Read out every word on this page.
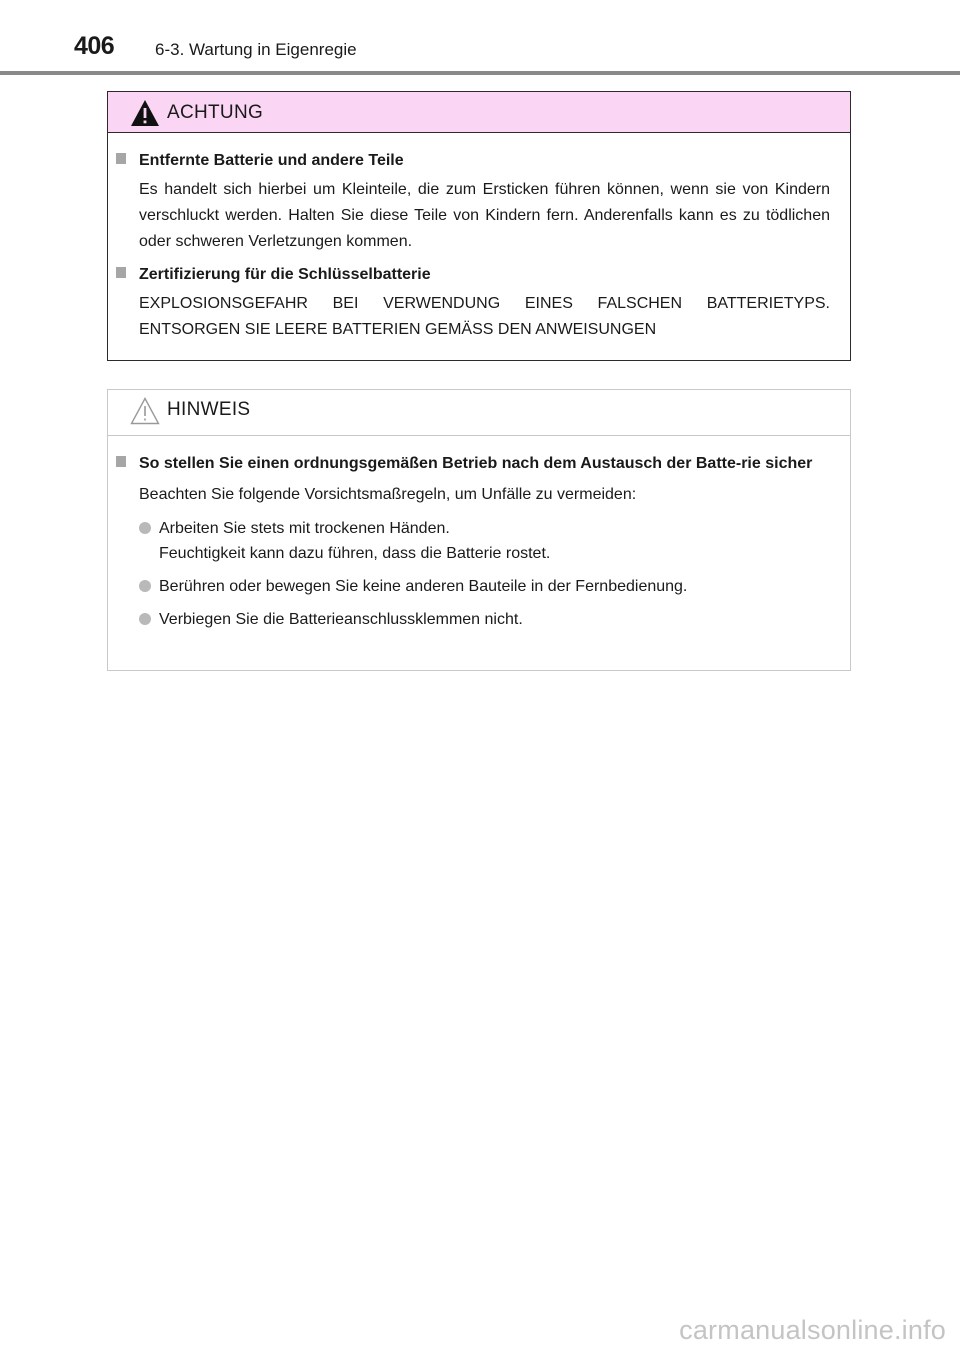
406 6-3. Wartung in Eigenregie
ACHTUNG
Entfernte Batterie und andere Teile
Es handelt sich hierbei um Kleinteile, die zum Ersticken führen können, wenn sie von Kindern verschluckt werden. Halten Sie diese Teile von Kindern fern. Anderenfalls kann es zu tödlichen oder schweren Verletzungen kommen.
Zertifizierung für die Schlüsselbatterie
EXPLOSIONSGEFAHR BEI VERWENDUNG EINES FALSCHEN BATTERIETYPS. ENTSORGEN SIE LEERE BATTERIEN GEMÄSS DEN ANWEISUNGEN
HINWEIS
So stellen Sie einen ordnungsgemäßen Betrieb nach dem Austausch der Batte-rie sicher
Beachten Sie folgende Vorsichtsmaßregeln, um Unfälle zu vermeiden:
Arbeiten Sie stets mit trockenen Händen.
Feuchtigkeit kann dazu führen, dass die Batterie rostet.
Berühren oder bewegen Sie keine anderen Bauteile in der Fernbedienung.
Verbiegen Sie die Batterieanschlussklemmen nicht.
carmanualsonline.info
